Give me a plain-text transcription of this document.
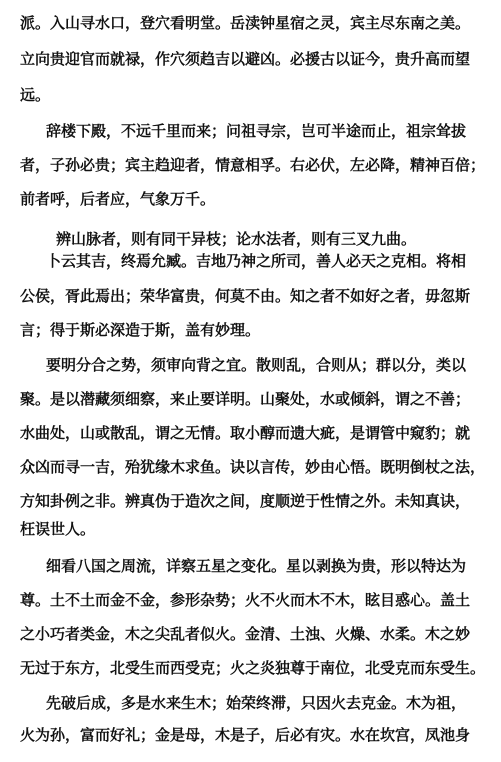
派。入山寻水口，登穴看明堂。岳渎钟星宿之灵，宾主尽东南之美。
立向贵迎官而就禄，作穴须趋吉以避凶。必援古以证今，贵升高而望
远。
辞楼下殿，不远千里而来；问祖寻宗，岂可半途而止，祖宗耸拔
者，子孙必贵；宾主趋迎者，情意相孚。右必伏，左必降，精神百倍；
前者呼，后者应，气象万千。
辨山脉者，则有同干异枝；论水法者，则有三叉九曲。
卜云其吉，终焉允臧。吉地乃神之所司，善人必天之克相。将相
公侯，胥此焉出；荣华富贵，何莫不由。知之者不如好之者，毋忽斯
言；得于斯必深造于斯，盖有妙理。
要明分合之势，须审向背之宜。散则乱，合则从；群以分，类以
聚。是以潜藏须细察，来止要详明。山聚处，水或倾斜，谓之不善；
水曲处，山或散乱，谓之无情。取小醇而遗大疵，是谓管中窥豹；就
众凶而寻一吉，殆犹缘木求鱼。诀以言传，妙由心悟。既明倒杖之法，
方知卦例之非。辨真伪于造次之间，度顺逆于性情之外。未知真诀，
枉误世人。
细看八国之周流，详察五星之变化。星以剥换为贵，形以特达为
尊。土不土而金不金，参形杂势；火不火而木不木，眩目惑心。盖土
之小巧者类金，木之尖乱者似火。金清、土浊、火燥、水柔。木之妙
无过于东方，北受生而西受克；火之炎独尊于南位，北受克而东受生。
先破后成，多是水来生木；始荣终滞，只因火去克金。木为祖，
火为孙，富而好礼；金是母，木是子，后必有灾。水在坎宫，凤池身
